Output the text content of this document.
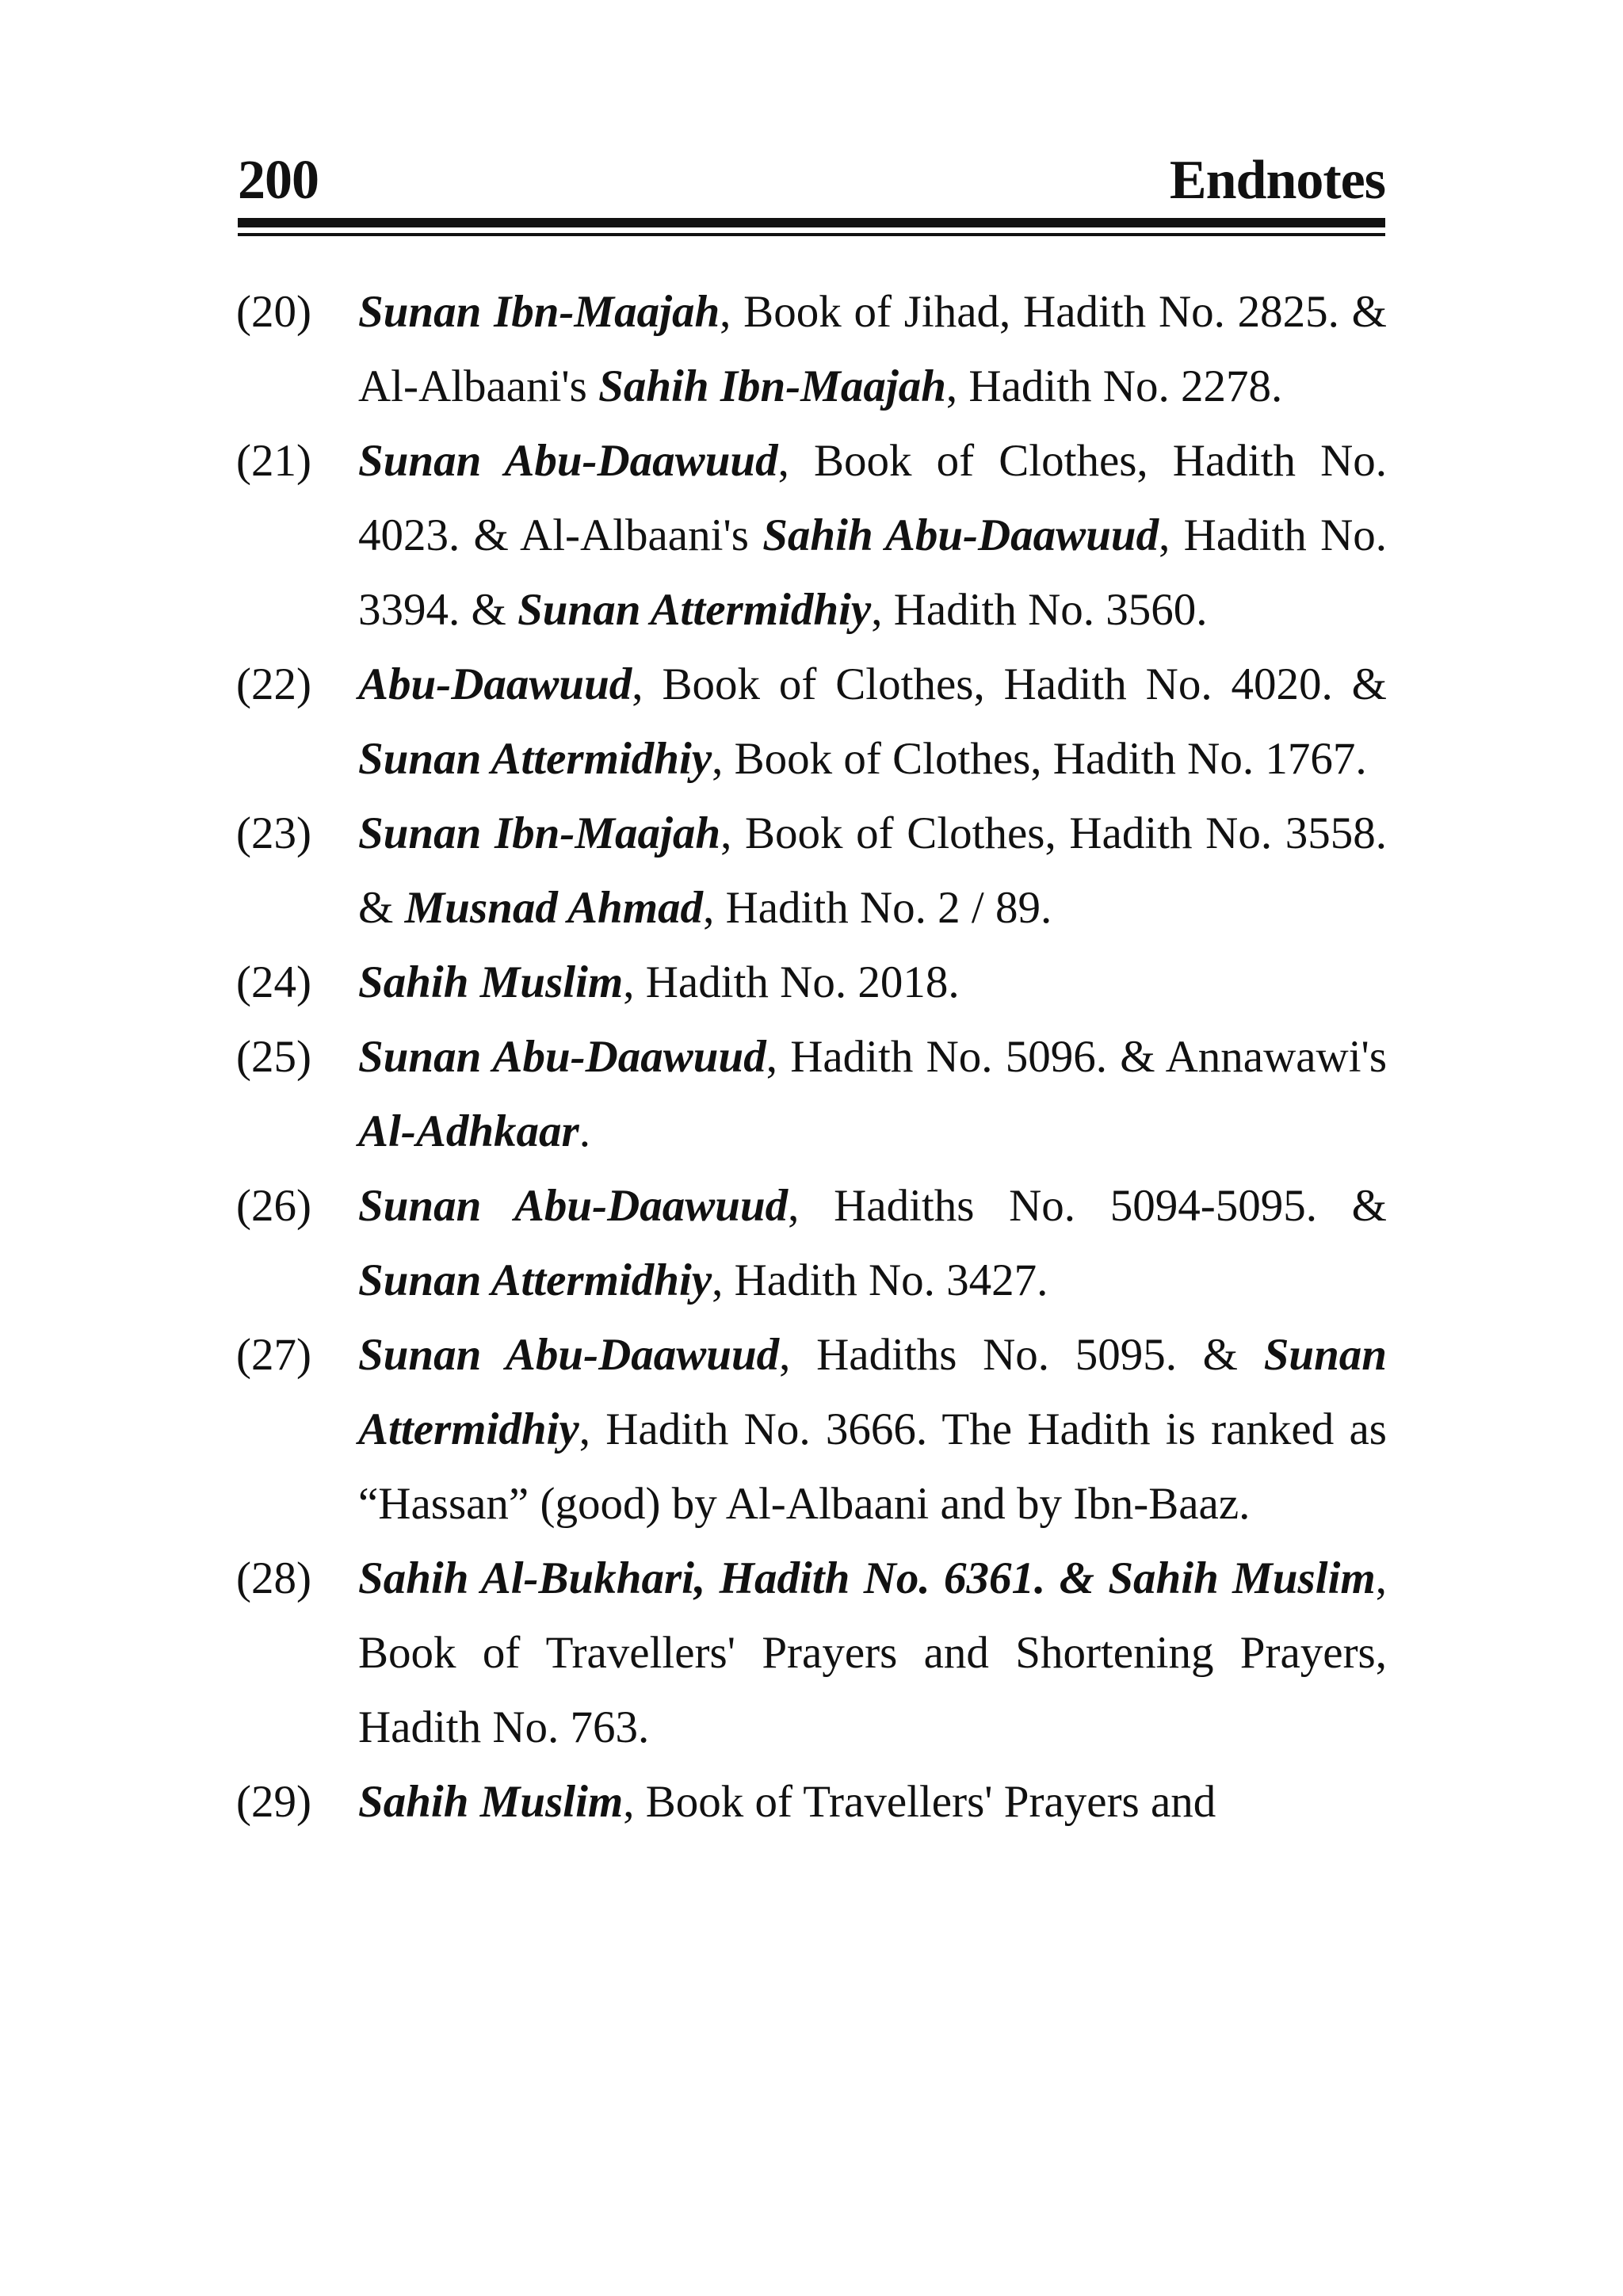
200	Endnotes
(20)	Sunan Ibn-Maajah, Book of Jihad, Hadith No. 2825. & Al-Albaani's Sahih Ibn-Maajah, Hadith No. 2278.

(21)	Sunan Abu-Daawuud, Book of Clothes, Hadith No. 4023. & Al-Albaani's Sahih Abu-Daawuud, Hadith No. 3394. & Sunan Attermidhiy, Hadith No. 3560.

(22)	Abu-Daawuud, Book of Clothes, Hadith No. 4020. & Sunan Attermidhiy, Book of Clothes, Hadith No. 1767.

(23)	Sunan Ibn-Maajah, Book of Clothes, Hadith No. 3558. & Musnad Ahmad, Hadith No. 2 / 89.

(24)	Sahih Muslim, Hadith No. 2018.

(25)	Sunan Abu-Daawuud, Hadith No. 5096. & Annawawi's Al-Adhkaar.

(26)	Sunan Abu-Daawuud, Hadiths No. 5094-5095. & Sunan Attermidhiy, Hadith No. 3427.

(27)	Sunan Abu-Daawuud, Hadiths No. 5095. & Sunan Attermidhiy, Hadith No. 3666. The Hadith is ranked as “Hassan” (good) by Al-Albaani and by Ibn-Baaz.

(28)	Sahih Al-Bukhari, Hadith No. 6361. & Sahih Muslim, Book of Travellers' Prayers and Shortening Prayers, Hadith No. 763.

(29)	Sahih Muslim, Book of Travellers' Prayers and
